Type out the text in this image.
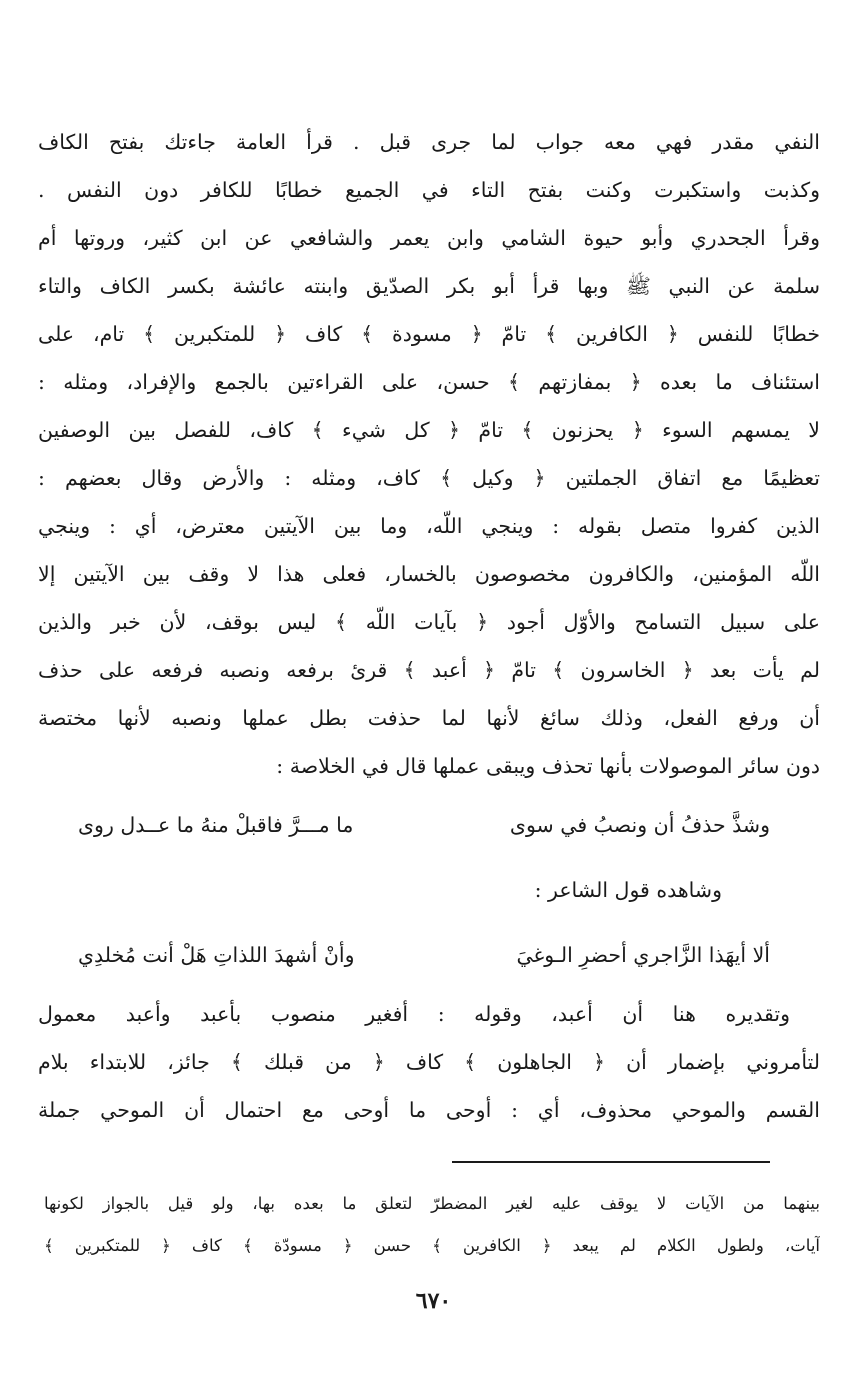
النفي مقدر فهي معه جواب لما جرى قبل . قرأ العامة جاءتك بفتح الكاف
وكذبت واستكبرت وكنت بفتح التاء في الجميع خطابًا للكافر دون النفس .
وقرأ الجحدري وأبو حيوة الشامي وابن يعمر والشافعي عن ابن كثير، وروتها أم
سلمة عن النبي ﷺ وبها قرأ أبو بكر الصدّيق وابنته عائشة بكسر الكاف والتاء
خطابًا للنفس ﴿ الكافرين ﴾ تامّ ﴿ مسودة ﴾ كاف ﴿ للمتكبرين ﴾ تام، على
استئناف ما بعده ﴿ بمفازتهم ﴾ حسن، على القراءتين بالجمع والإفراد، ومثله :
لا يمسهم السوء ﴿ يحزنون ﴾ تامّ ﴿ كل شيء ﴾ كاف، للفصل بين الوصفين
تعظيمًا مع اتفاق الجملتين ﴿ وكيل ﴾ كاف، ومثله : والأرض وقال بعضهم :
الذين كفروا متصل بقوله : وينجي اللّه، وما بين الآيتين معترض، أي : وينجي
اللّه المؤمنين، والكافرون مخصوصون بالخسار، فعلى هذا لا وقف بين الآيتين إلا
على سبيل التسامح والأوّل أجود ﴿ بآيات اللّه ﴾ ليس بوقف، لأن خبر والذين
لم يأت بعد ﴿ الخاسرون ﴾ تامّ ﴿ أعبد ﴾ قرئ برفعه ونصبه فرفعه على حذف
أن ورفع الفعل، وذلك سائغ لأنها لما حذفت بطل عملها ونصبه لأنها مختصة
دون سائر الموصولات بأنها تحذف ويبقى عملها قال في الخلاصة :
وشذَّ حذفُ أن ونصبُ في سوى
ما مـــرَّ فاقبلْ منهُ ما عــدل روى
وشاهده قول الشاعر :
ألا أيهَذا الزَّاجري أحضرِ الـوغيَ
وأنْ أشهدَ اللذاتِ هَلْ أنت مُخلدِي
وتقديره هنا أن أعبد، وقوله : أفغير منصوب بأعبد وأعبد معمول
لتأمروني بإضمار أن ﴿ الجاهلون ﴾ كاف ﴿ من قبلك ﴾ جائز، للابتداء بلام
القسم والموحي محذوف، أي : أوحى ما أوحى مع احتمال أن الموحي جملة
بينهما من الآيات لا يوقف عليه لغير المضطرّ لتعلق ما بعده بها، ولو قيل بالجواز لكونها
آيات، ولطول الكلام لم يبعد ﴿ الكافرين ﴾ حسن ﴿ مسودّة ﴾ كاف ﴿ للمتكبرين ﴾
٦٧٠
